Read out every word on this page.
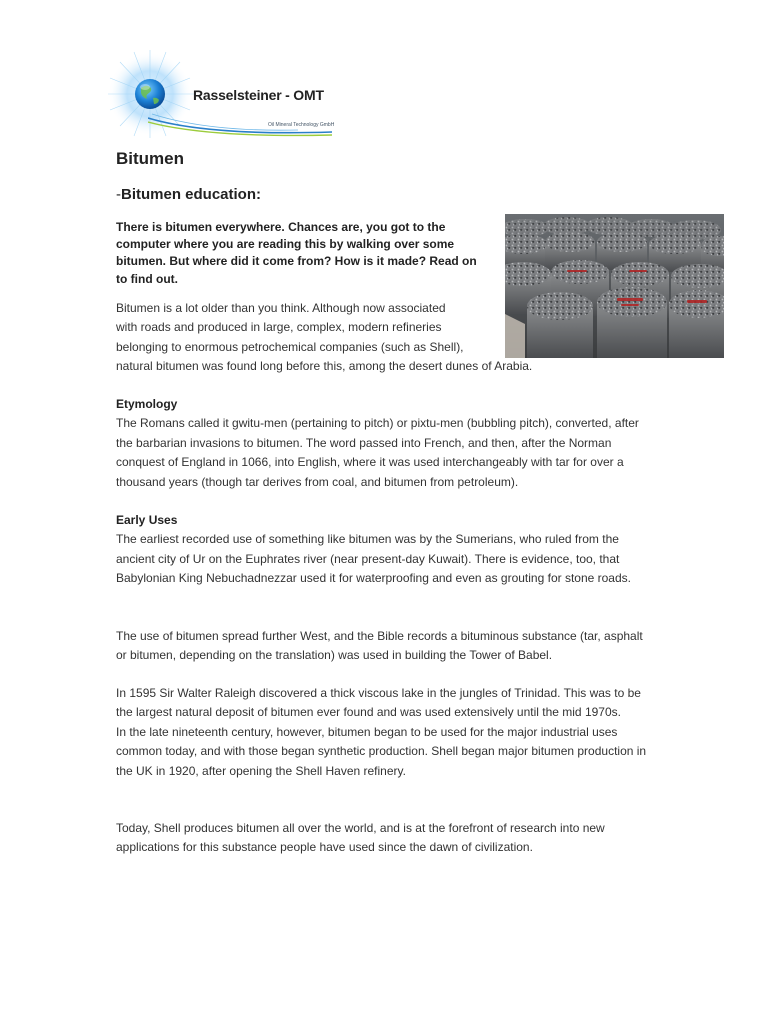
Rasselsteiner - OMT
Oil Mineral Technology GmbH
Bitumen
-Bitumen education:

There is bitumen everywhere. Chances are, you got to the computer where you are reading this by walking over some bitumen. But where did it come from? How is it made? Read on to find out.

Bitumen is a lot older than you think. Although now associated
with roads and produced in large, complex, modern refineries
belonging to enormous petrochemical companies (such as Shell),
natural bitumen was found long before this, among the desert dunes of Arabia.
Etymology

The Romans called it gwitu-men (pertaining to pitch) or pixtu-men (bubbling pitch), converted, after the barbarian invasions to bitumen. The word passed into French, and then, after the Norman conquest of England in 1066, into English, where it was used interchangeably with tar for over a thousand years (though tar derives from coal, and bitumen from petroleum).

Early Uses

The earliest recorded use of something like bitumen was by the Sumerians, who ruled from the ancient city of Ur on the Euphrates river (near present-day Kuwait). There is evidence, too, that Babylonian King Nebuchadnezzar used it for waterproofing and even as grouting for stone roads.

The use of bitumen spread further West, and the Bible records a bituminous substance (tar, asphalt or bitumen, depending on the translation) was used in building the Tower of Babel.

In 1595 Sir Walter Raleigh discovered a thick viscous lake in the jungles of Trinidad. This was to be the largest natural deposit of bitumen ever found and was used extensively until the mid 1970s.

In the late nineteenth century, however, bitumen began to be used for the major industrial uses common today, and with those began synthetic production. Shell began major bitumen production in the UK in 1920, after opening the Shell Haven refinery.

Today, Shell produces bitumen all over the world, and is at the forefront of research into new applications for this substance people have used since the dawn of civilization.
